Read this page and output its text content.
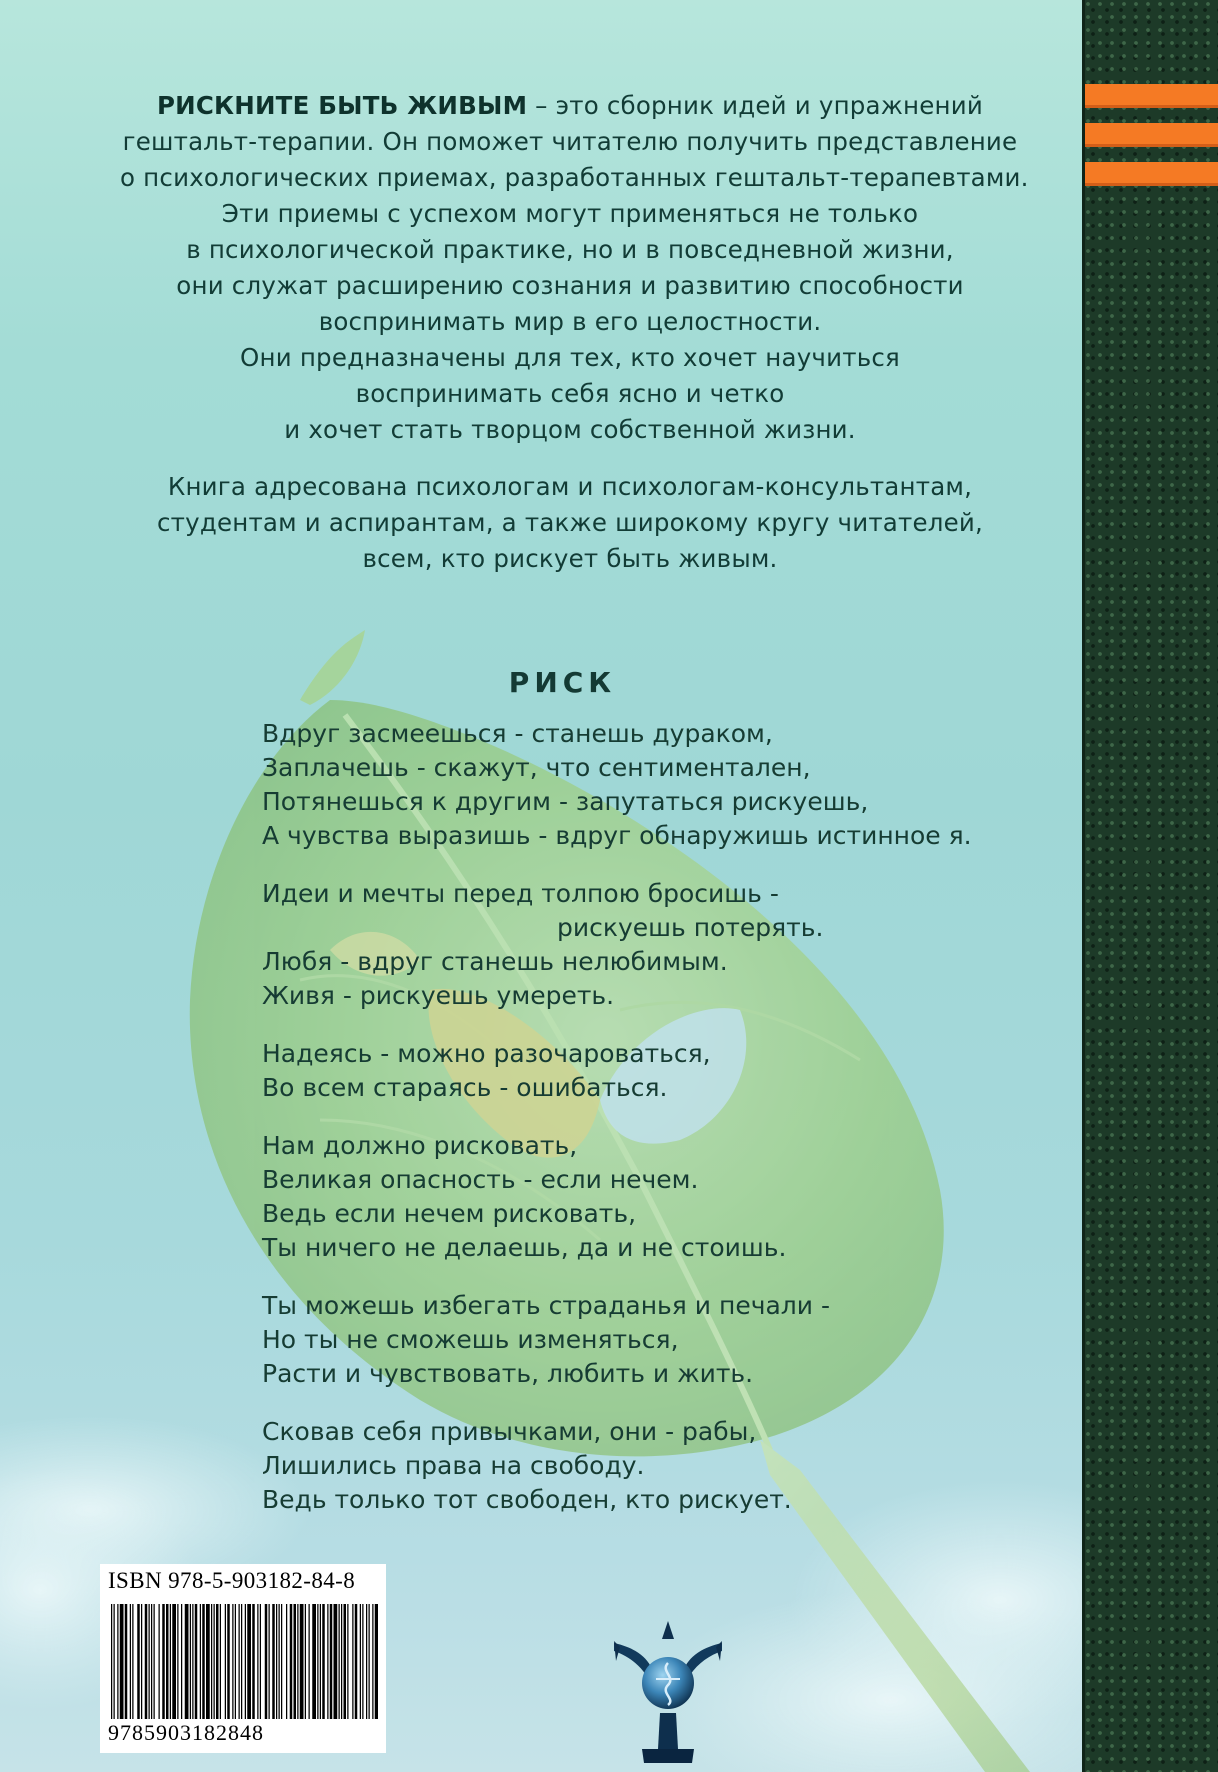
РИСКНИТЕ БЫТЬ ЖИВЫМ – это сборник идей и упражнений
гештальт-терапии. Он поможет читателю получить представление
о психологических приемах, разработанных гештальт-терапевтами.
Эти приемы с успехом могут применяться не только
в психологической практике, но и в повседневной жизни,
они служат расширению сознания и развитию способности
воспринимать мир в его целостности.
Они предназначены для тех, кто хочет научиться
воспринимать себя ясно и четко
и хочет стать творцом собственной жизни.

Книга адресована психологам и психологам-консультантам,
студентам и аспирантам, а также широкому кругу читателей,
всем, кто рискует быть живым.

РИСК
Вдруг засмеешься - станешь дураком,
Заплачешь - скажут, что сентиментален,
Потянешься к другим - запутаться рискуешь,
А чувства выразишь - вдруг обнаружишь истинное я.
Идеи и мечты перед толпою бросишь -
рискуешь потерять.
Любя - вдруг станешь нелюбимым.
Живя - рискуешь умереть.
Надеясь - можно разочароваться,
Во всем стараясь - ошибаться.
Нам должно рисковать,
Великая опасность - если нечем.
Ведь если нечем рисковать,
Ты ничего не делаешь, да и не стоишь.
Ты можешь избегать страданья и печали -
Но ты не сможешь изменяться,
Расти и чувствовать, любить и жить.
Сковав себя привычками, они - рабы,
Лишились права на свободу.
Ведь только тот свободен, кто рискует.
ISBN 978-5-903182-84-8
9785903182848
